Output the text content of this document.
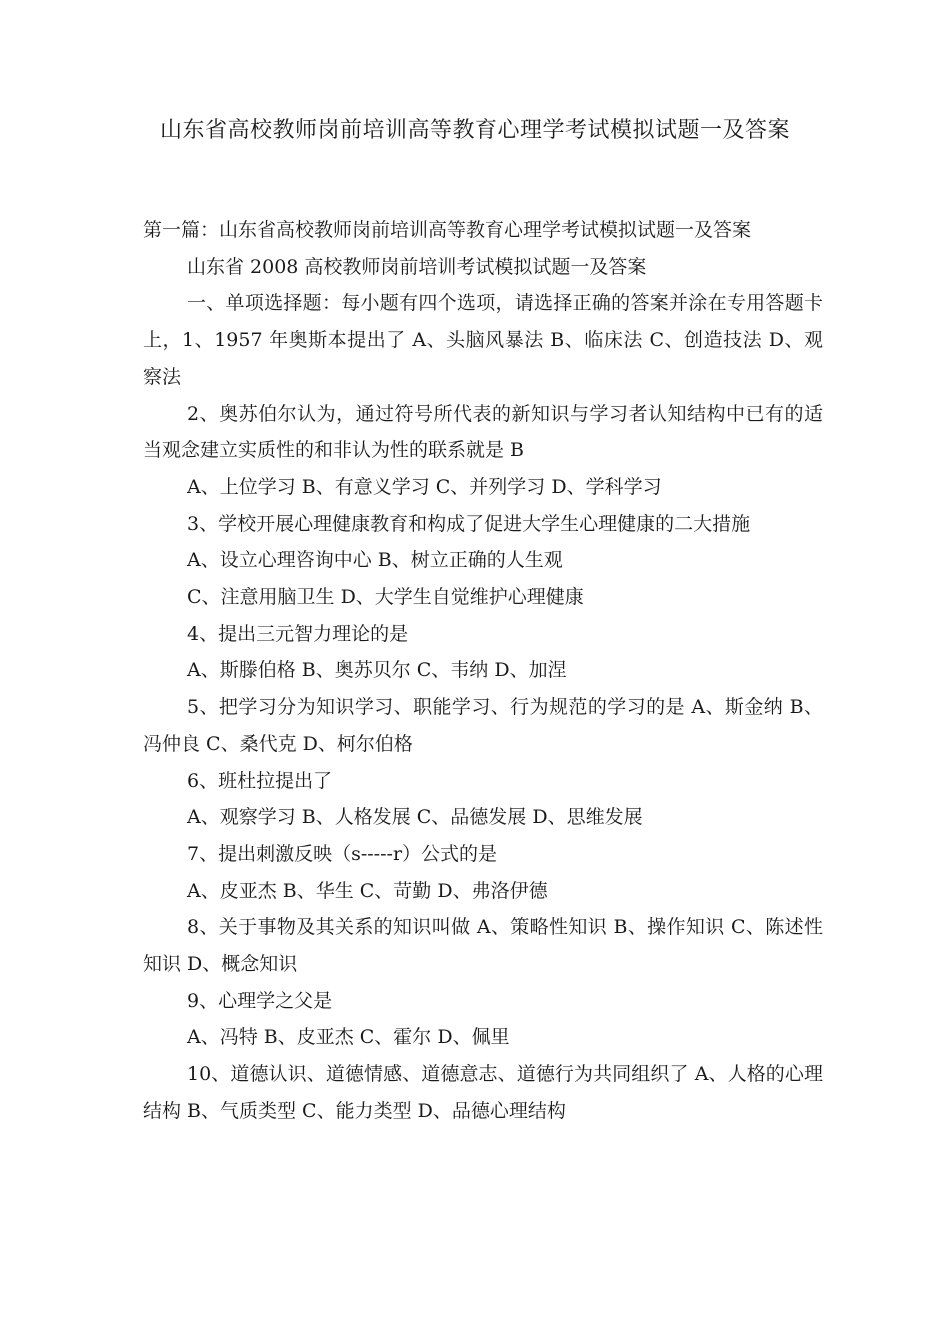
山东省高校教师岗前培训高等教育心理学考试模拟试题一及答案

第一篇：山东省高校教师岗前培训高等教育心理学考试模拟试题一及答案

山东省 2008 高校教师岗前培训考试模拟试题一及答案

一、单项选择题：每小题有四个选项，请选择正确的答案并涂在专用答题卡上，1、1957 年奥斯本提出了 A、头脑风暴法 B、临床法 C、创造技法 D、观察法

2、奥苏伯尔认为，通过符号所代表的新知识与学习者认知结构中已有的适当观念建立实质性的和非认为性的联系就是 B

A、上位学习 B、有意义学习 C、并列学习 D、学科学习

3、学校开展心理健康教育和构成了促进大学生心理健康的二大措施

A、设立心理咨询中心 B、树立正确的人生观

C、注意用脑卫生 D、大学生自觉维护心理健康

4、提出三元智力理论的是

A、斯滕伯格 B、奥苏贝尔 C、韦纳 D、加涅

5、把学习分为知识学习、职能学习、行为规范的学习的是 A、斯金纳 B、冯仲良 C、桑代克 D、柯尔伯格

6、班杜拉提出了

A、观察学习 B、人格发展 C、品德发展 D、思维发展

7、提出刺激反映（s-----r）公式的是

A、皮亚杰 B、华生 C、苛勤 D、弗洛伊德

8、关于事物及其关系的知识叫做 A、策略性知识 B、操作知识 C、陈述性知识 D、概念知识

9、心理学之父是

A、冯特 B、皮亚杰 C、霍尔 D、佩里

10、道德认识、道德情感、道德意志、道德行为共同组织了 A、人格的心理结构 B、气质类型 C、能力类型 D、品德心理结构
